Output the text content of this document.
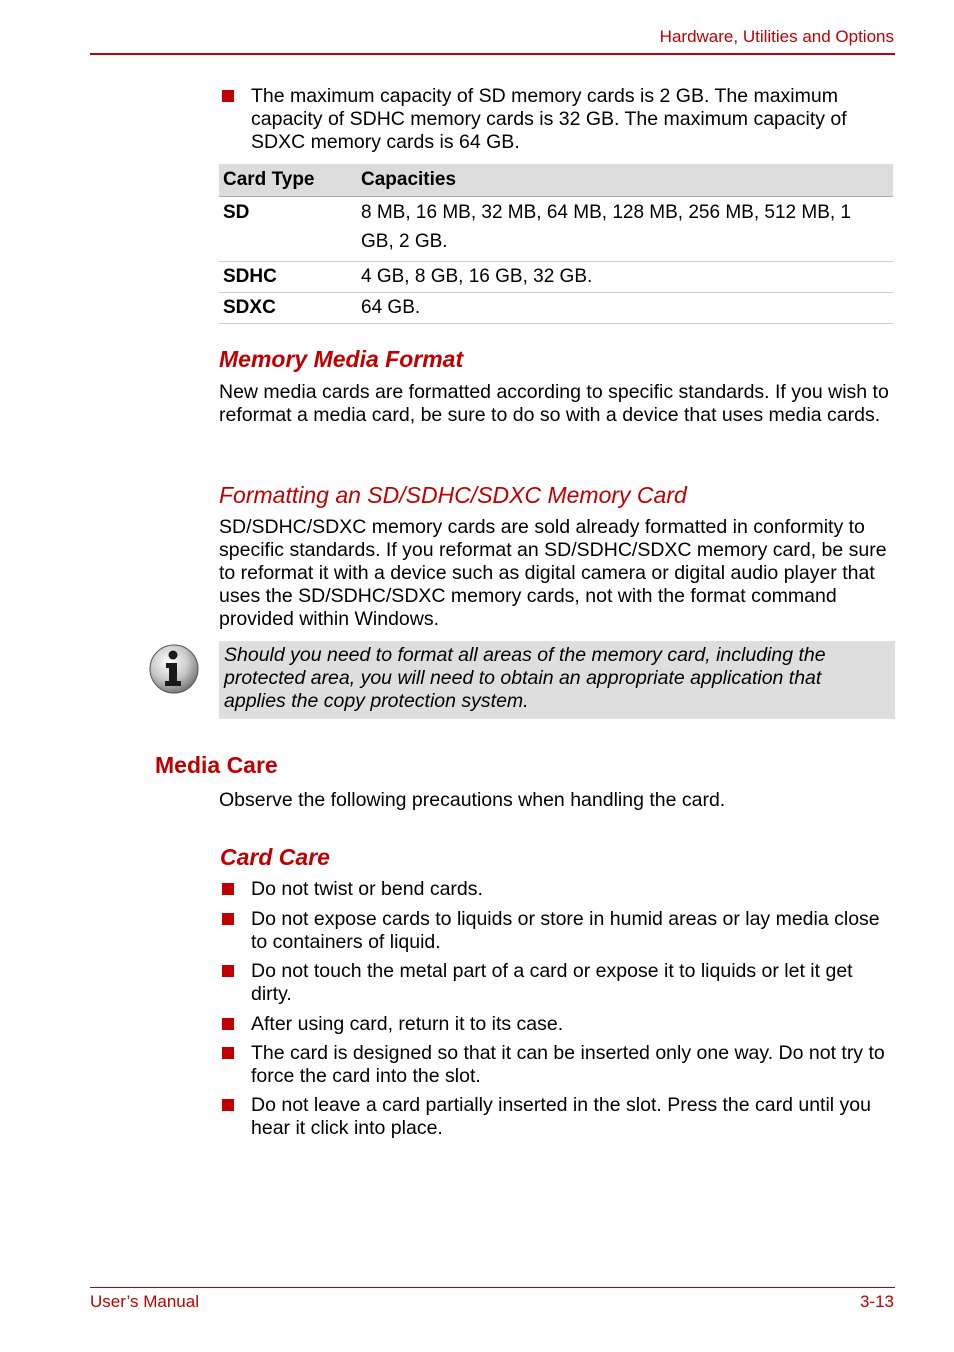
Hardware, Utilities and Options
The maximum capacity of SD memory cards is 2 GB. The maximum capacity of SDHC memory cards is 32 GB. The maximum capacity of SDXC memory cards is 64 GB.
Card Type	Capacities
SD	8 MB, 16 MB, 32 MB, 64 MB, 128 MB, 256 MB, 512 MB, 1 GB, 2 GB.
SDHC	4 GB, 8 GB, 16 GB, 32 GB.
SDXC	64 GB.
Memory Media Format
New media cards are formatted according to specific standards. If you wish to reformat a media card, be sure to do so with a device that uses media cards.
Formatting an SD/SDHC/SDXC Memory Card
SD/SDHC/SDXC memory cards are sold already formatted in conformity to specific standards. If you reformat an SD/SDHC/SDXC memory card, be sure to reformat it with a device such as digital camera or digital audio player that uses the SD/SDHC/SDXC memory cards, not with the format command provided within Windows.
Should you need to format all areas of the memory card, including the protected area, you will need to obtain an appropriate application that applies the copy protection system.
Media Care
Observe the following precautions when handling the card.
Card Care
Do not twist or bend cards.
Do not expose cards to liquids or store in humid areas or lay media close to containers of liquid.
Do not touch the metal part of a card or expose it to liquids or let it get dirty.
After using card, return it to its case.
The card is designed so that it can be inserted only one way. Do not try to force the card into the slot.
Do not leave a card partially inserted in the slot. Press the card until you hear it click into place.
User’s Manual	3-13
